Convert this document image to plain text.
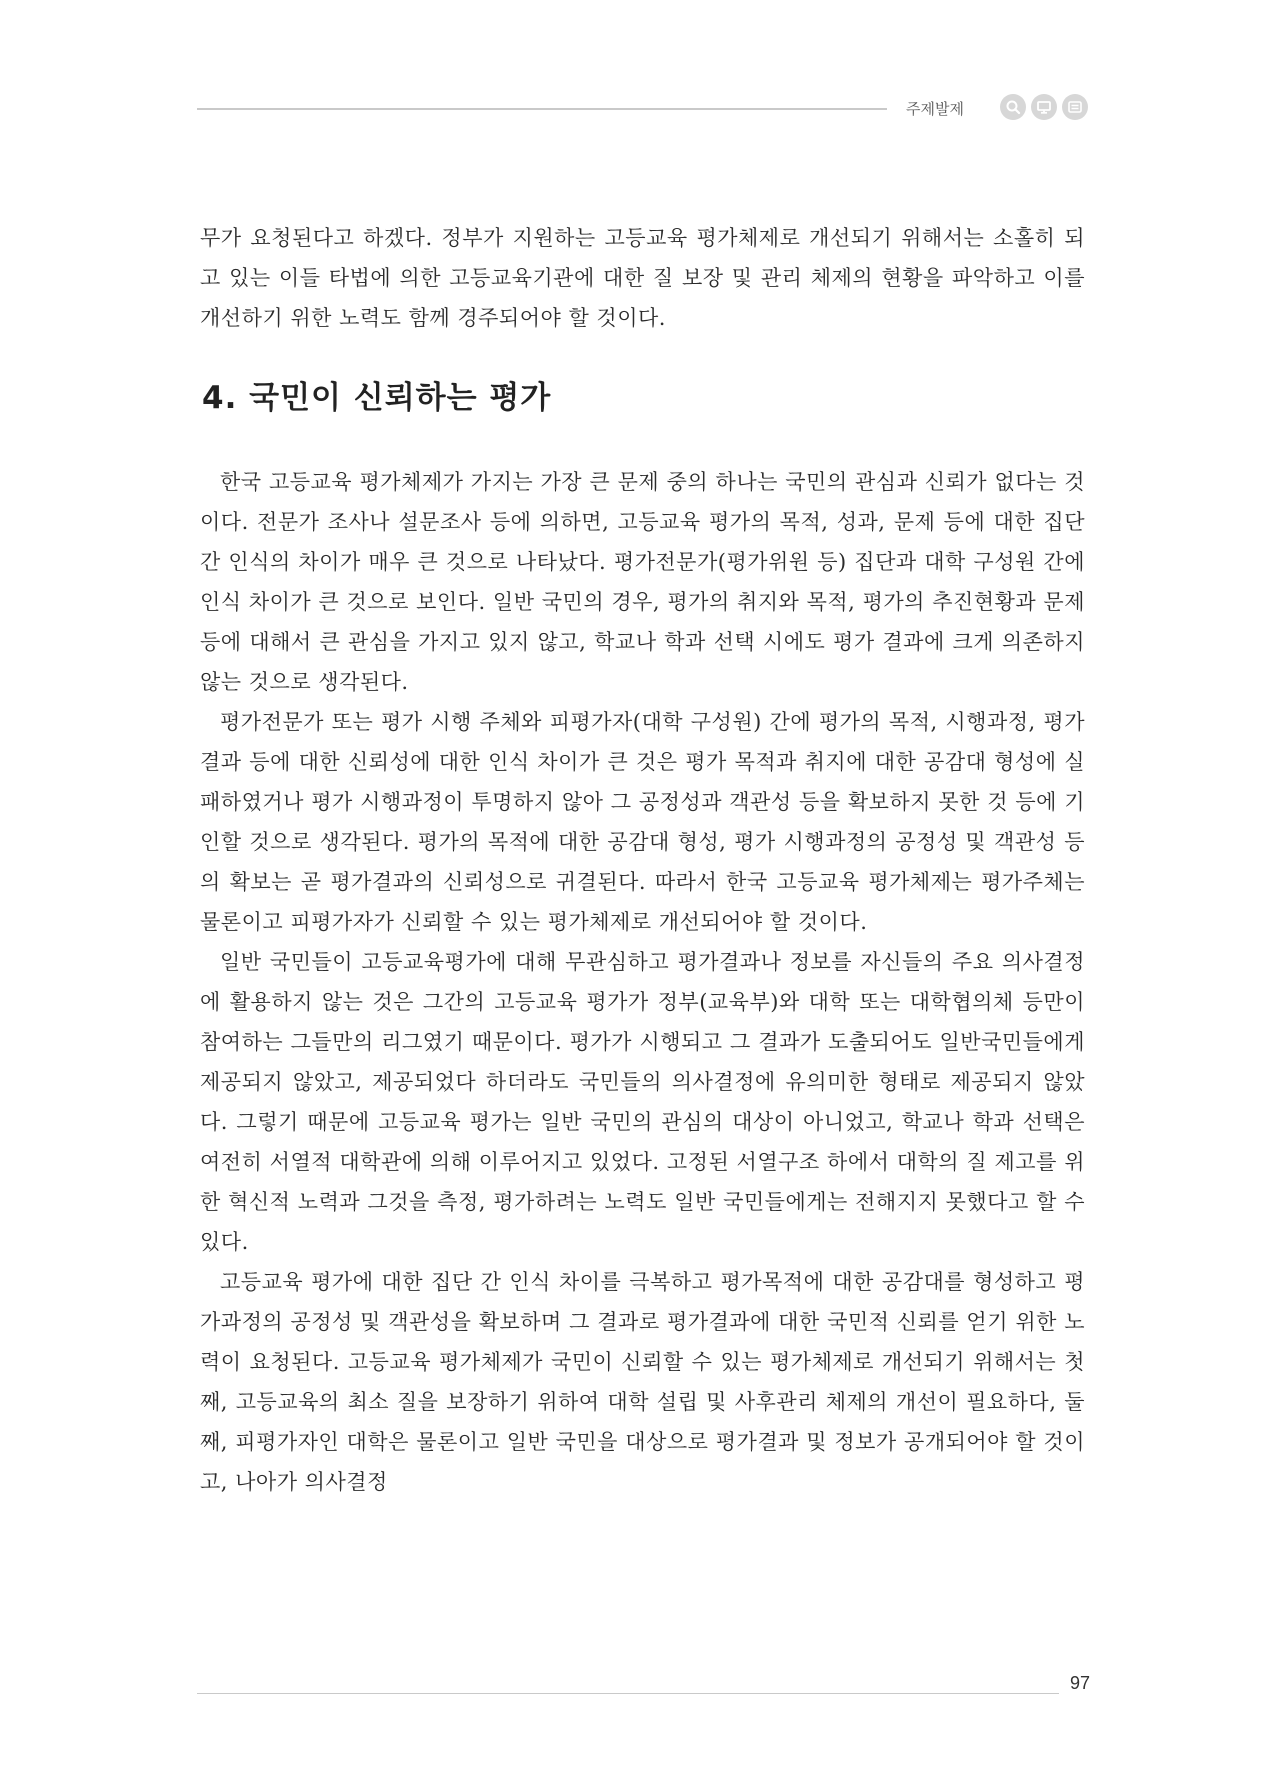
주제발제

무가 요청된다고 하겠다. 정부가 지원하는 고등교육 평가체제로 개선되기 위해서는 소홀히 되고 있는 이들 타법에 의한 고등교육기관에 대한 질 보장 및 관리 체제의 현황을 파악하고 이를 개선하기 위한 노력도 함께 경주되어야 할 것이다.

4. 국민이 신뢰하는 평가

한국 고등교육 평가체제가 가지는 가장 큰 문제 중의 하나는 국민의 관심과 신뢰가 없다는 것이다. 전문가 조사나 설문조사 등에 의하면, 고등교육 평가의 목적, 성과, 문제 등에 대한 집단 간 인식의 차이가 매우 큰 것으로 나타났다. 평가전문가(평가위원 등) 집단과 대학 구성원 간에 인식 차이가 큰 것으로 보인다. 일반 국민의 경우, 평가의 취지와 목적, 평가의 추진현황과 문제 등에 대해서 큰 관심을 가지고 있지 않고, 학교나 학과 선택 시에도 평가 결과에 크게 의존하지 않는 것으로 생각된다.

평가전문가 또는 평가 시행 주체와 피평가자(대학 구성원) 간에 평가의 목적, 시행과정, 평가결과 등에 대한 신뢰성에 대한 인식 차이가 큰 것은 평가 목적과 취지에 대한 공감대 형성에 실패하였거나 평가 시행과정이 투명하지 않아 그 공정성과 객관성 등을 확보하지 못한 것 등에 기인할 것으로 생각된다. 평가의 목적에 대한 공감대 형성, 평가 시행과정의 공정성 및 객관성 등의 확보는 곧 평가결과의 신뢰성으로 귀결된다. 따라서 한국 고등교육 평가체제는 평가주체는 물론이고 피평가자가 신뢰할 수 있는 평가체제로 개선되어야 할 것이다.

일반 국민들이 고등교육평가에 대해 무관심하고 평가결과나 정보를 자신들의 주요 의사결정에 활용하지 않는 것은 그간의 고등교육 평가가 정부(교육부)와 대학 또는 대학협의체 등만이 참여하는 그들만의 리그였기 때문이다. 평가가 시행되고 그 결과가 도출되어도 일반국민들에게 제공되지 않았고, 제공되었다 하더라도 국민들의 의사결정에 유의미한 형태로 제공되지 않았다. 그렇기 때문에 고등교육 평가는 일반 국민의 관심의 대상이 아니었고, 학교나 학과 선택은 여전히 서열적 대학관에 의해 이루어지고 있었다. 고정된 서열구조 하에서 대학의 질 제고를 위한 혁신적 노력과 그것을 측정, 평가하려는 노력도 일반 국민들에게는 전해지지 못했다고 할 수 있다.

고등교육 평가에 대한 집단 간 인식 차이를 극복하고 평가목적에 대한 공감대를 형성하고 평가과정의 공정성 및 객관성을 확보하며 그 결과로 평가결과에 대한 국민적 신뢰를 얻기 위한 노력이 요청된다. 고등교육 평가체제가 국민이 신뢰할 수 있는 평가체제로 개선되기 위해서는 첫째, 고등교육의 최소 질을 보장하기 위하여 대학 설립 및 사후관리 체제의 개선이 필요하다, 둘째, 피평가자인 대학은 물론이고 일반 국민을 대상으로 평가결과 및 정보가 공개되어야 할 것이고, 나아가 의사결정

97
